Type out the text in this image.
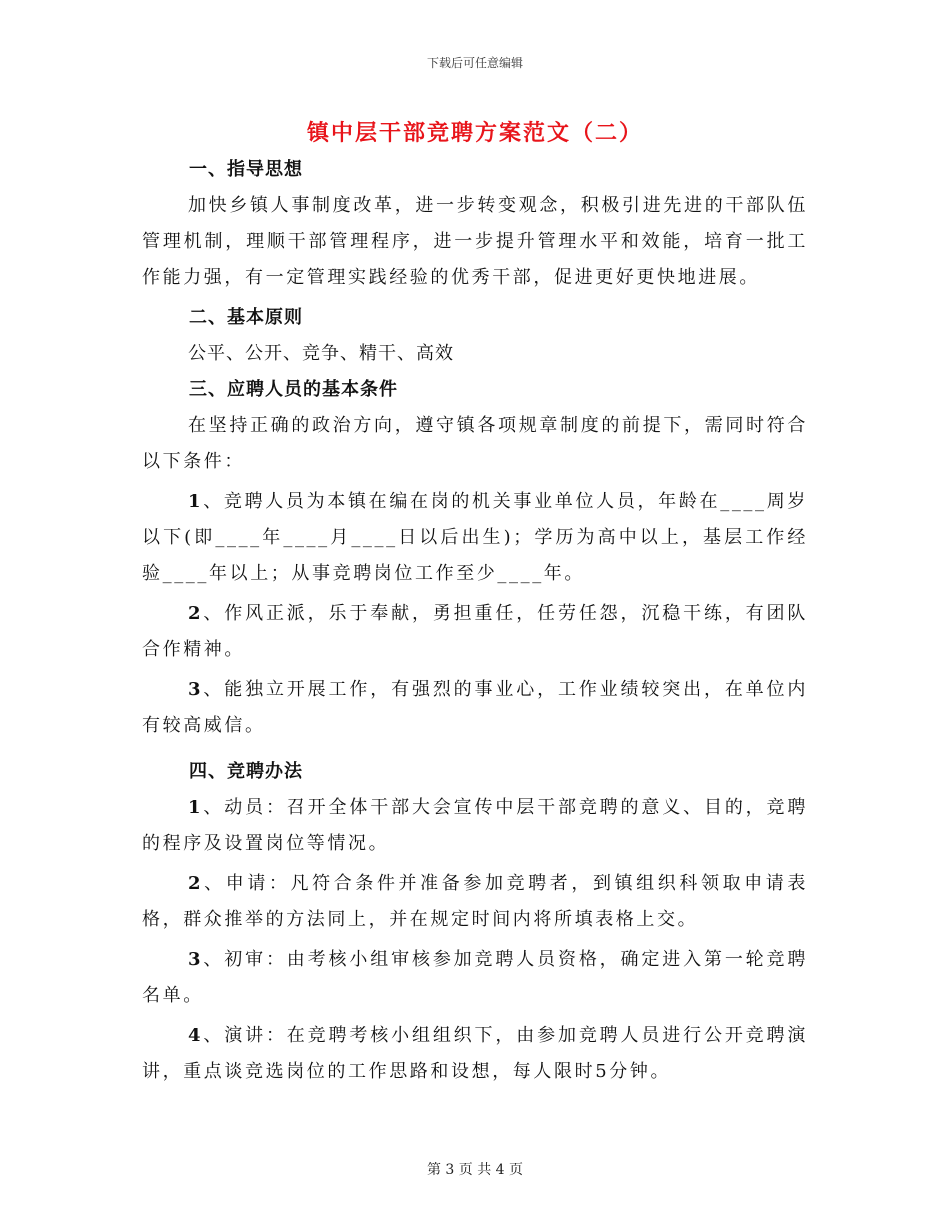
下载后可任意编辑
镇中层干部竞聘方案范文（二）
一、指导思想

加快乡镇人事制度改革，进一步转变观念，积极引进先进的干部队伍管理机制，理顺干部管理程序，进一步提升管理水平和效能，培育一批工作能力强，有一定管理实践经验的优秀干部，促进更好更快地进展。

二、基本原则

公平、公开、竞争、精干、高效

三、应聘人员的基本条件

在坚持正确的政治方向，遵守镇各项规章制度的前提下，需同时符合以下条件：

1、竞聘人员为本镇在编在岗的机关事业单位人员，年龄在____周岁以下(即____年____月____日以后出生)；学历为高中以上，基层工作经验____年以上；从事竞聘岗位工作至少____年。

2、作风正派，乐于奉献，勇担重任，任劳任怨，沉稳干练，有团队合作精神。

3、能独立开展工作，有强烈的事业心，工作业绩较突出，在单位内有较高威信。

四、竞聘办法

1、动员：召开全体干部大会宣传中层干部竞聘的意义、目的，竞聘的程序及设置岗位等情况。

2、申请：凡符合条件并准备参加竞聘者，到镇组织科领取申请表格，群众推举的方法同上，并在规定时间内将所填表格上交。

3、初审：由考核小组审核参加竞聘人员资格，确定进入第一轮竞聘名单。

4、演讲：在竞聘考核小组组织下，由参加竞聘人员进行公开竞聘演讲，重点谈竞选岗位的工作思路和设想，每人限时5分钟。

第 3 页 共 4 页
